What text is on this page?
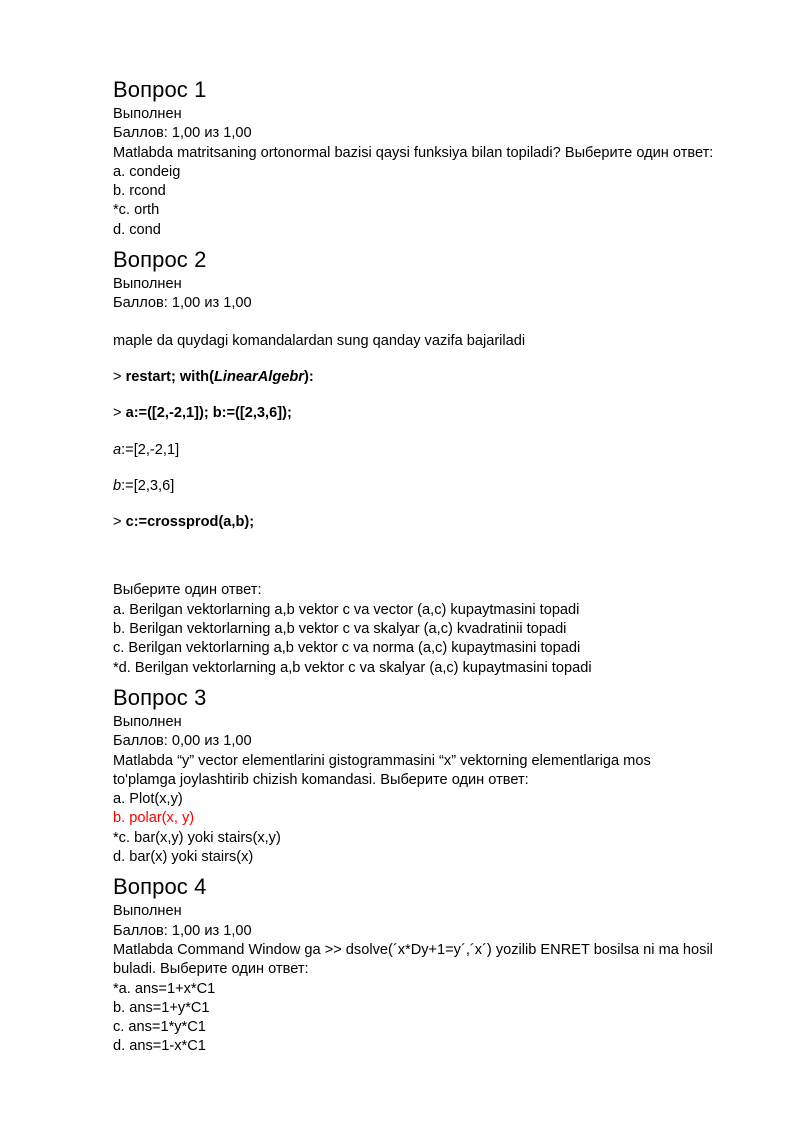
Вопрос 1

Выполнен

Баллов: 1,00 из 1,00

Matlabda matritsaning ortonormal bazisi qaysi funksiya bilan topiladi? Выберите один ответ:

a. condeig
b. rcond
*c. orth
d. cond
Вопрос 2

Выполнен

Баллов: 1,00 из 1,00

maple da quydagi komandalardan sung qanday vazifa bajariladi

> restart; with(LinearAlgebr):

> a:=([2,-2,1]); b:=([2,3,6]);

a:=[2,-2,1]

b:=[2,3,6]

> c:=crossprod(a,b);

Выберите один ответ:

a. Berilgan vektorlarning a,b vektor c va vector (a,c) kupaytmasini topadi
b. Berilgan vektorlarning a,b vektor c va skalyar (a,c) kvadratinii topadi
c. Berilgan vektorlarning a,b vektor c va norma (a,c) kupaytmasini topadi
*d. Berilgan vektorlarning a,b vektor c va skalyar (a,c) kupaytmasini topadi
Вопрос 3

Выполнен

Баллов: 0,00 из 1,00

Matlabda “y” vector elementlarini gistogrammasini “x” vektorning elementlariga mos to'plamga joylashtirib chizish komandasi. Выберите один ответ:

a. Plot(x,y)
b. polar(x, y)
*c. bar(x,y) yoki stairs(x,y)
d. bar(x) yoki stairs(x)
Вопрос 4

Выполнен

Баллов: 1,00 из 1,00

Matlabda Command Window ga >> dsolve(´x*Dy+1=y´,´x´) yozilib ENRET bosilsa ni ma hosil buladi. Выберите один ответ:

*a. ans=1+x*C1
b. ans=1+y*C1
c. ans=1*y*C1
d. ans=1-x*C1
